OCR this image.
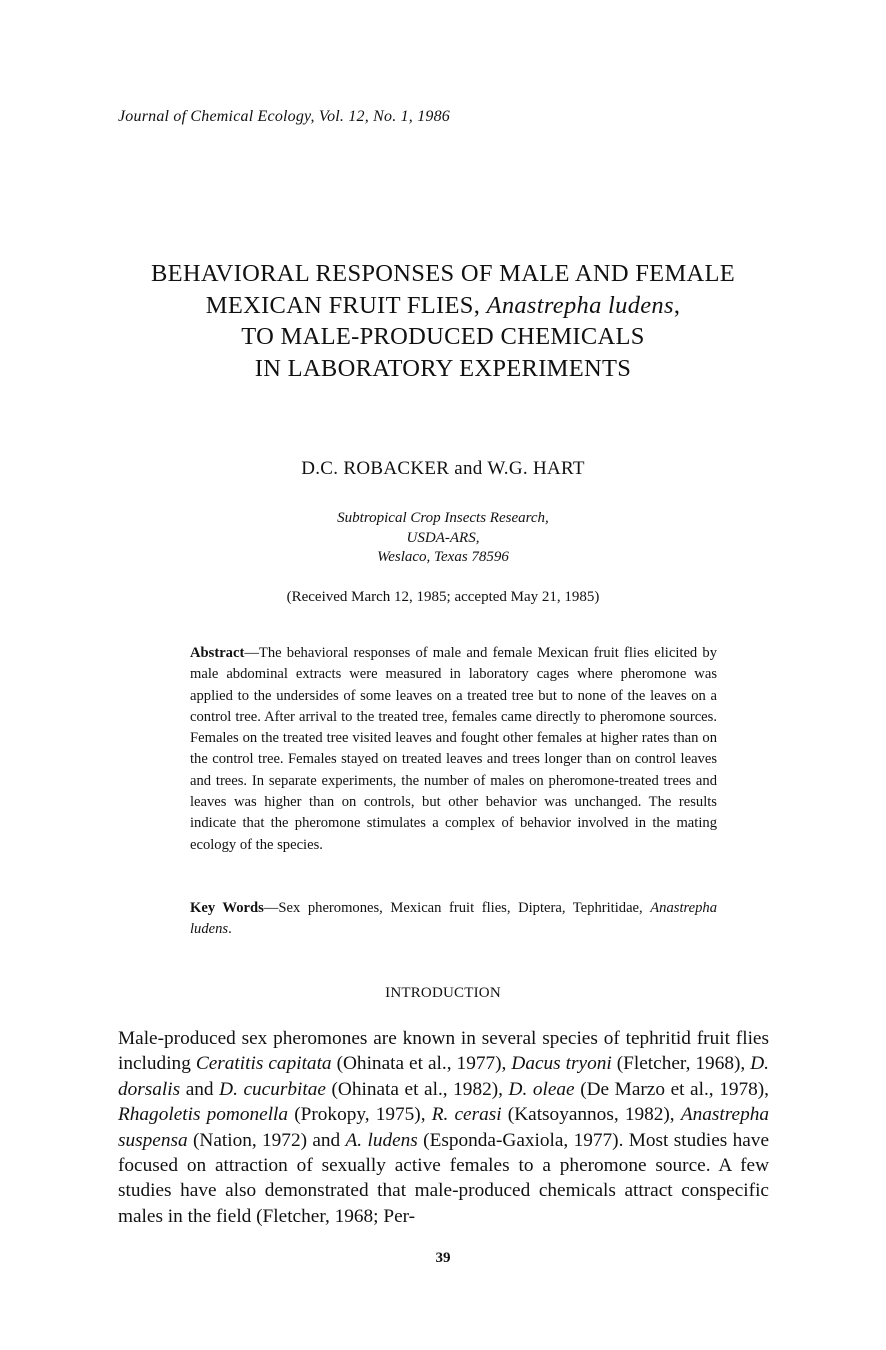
Journal of Chemical Ecology, Vol. 12, No. 1, 1986
BEHAVIORAL RESPONSES OF MALE AND FEMALE
MEXICAN FRUIT FLIES, Anastrepha ludens,
TO MALE-PRODUCED CHEMICALS
IN LABORATORY EXPERIMENTS
D.C. ROBACKER and W.G. HART
Subtropical Crop Insects Research,
USDA-ARS,
Weslaco, Texas 78596
(Received March 12, 1985; accepted May 21, 1985)
Abstract—The behavioral responses of male and female Mexican fruit flies elicited by male abdominal extracts were measured in laboratory cages where pheromone was applied to the undersides of some leaves on a treated tree but to none of the leaves on a control tree. After arrival to the treated tree, females came directly to pheromone sources. Females on the treated tree visited leaves and fought other females at higher rates than on the control tree. Females stayed on treated leaves and trees longer than on control leaves and trees. In separate experiments, the number of males on pheromone-treated trees and leaves was higher than on controls, but other behavior was unchanged. The results indicate that the pheromone stimulates a complex of behavior involved in the mating ecology of the species.
Key Words—Sex pheromones, Mexican fruit flies, Diptera, Tephritidae, Anastrepha ludens.
INTRODUCTION
Male-produced sex pheromones are known in several species of tephritid fruit flies including Ceratitis capitata (Ohinata et al., 1977), Dacus tryoni (Fletcher, 1968), D. dorsalis and D. cucurbitae (Ohinata et al., 1982), D. oleae (De Marzo et al., 1978), Rhagoletis pomonella (Prokopy, 1975), R. cerasi (Katsoyannos, 1982), Anastrepha suspensa (Nation, 1972) and A. ludens (Esponda-Gaxiola, 1977). Most studies have focused on attraction of sexually active females to a pheromone source. A few studies have also demonstrated that male-produced chemicals attract conspecific males in the field (Fletcher, 1968; Per-
39
